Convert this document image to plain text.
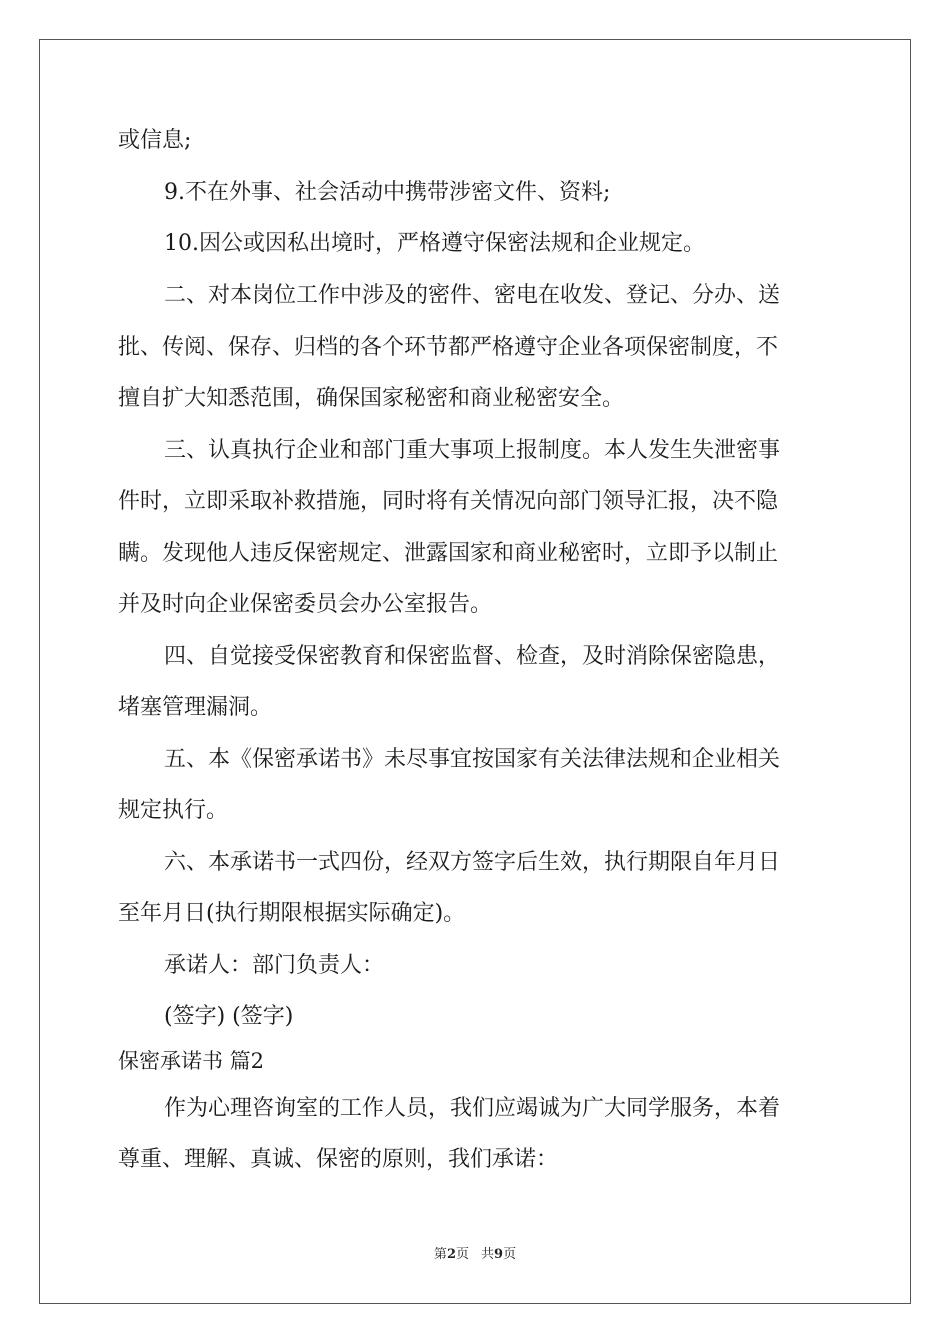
或信息;
9.不在外事、社会活动中携带涉密文件、资料;
10.因公或因私出境时，严格遵守保密法规和企业规定。
二、对本岗位工作中涉及的密件、密电在收发、登记、分办、送
批、传阅、保存、归档的各个环节都严格遵守企业各项保密制度，不
擅自扩大知悉范围，确保国家秘密和商业秘密安全。
三、认真执行企业和部门重大事项上报制度。本人发生失泄密事
件时，立即采取补救措施，同时将有关情况向部门领导汇报，决不隐
瞒。发现他人违反保密规定、泄露国家和商业秘密时，立即予以制止
并及时向企业保密委员会办公室报告。
四、自觉接受保密教育和保密监督、检查，及时消除保密隐患，
堵塞管理漏洞。
五、本《保密承诺书》未尽事宜按国家有关法律法规和企业相关
规定执行。
六、本承诺书一式四份，经双方签字后生效，执行期限自年月日
至年月日(执行期限根据实际确定)。
承诺人：部门负责人：
(签字) (签字)
保密承诺书 篇2
作为心理咨询室的工作人员，我们应竭诚为广大同学服务，本着
尊重、理解、真诚、保密的原则，我们承诺：
第2页 共9页
